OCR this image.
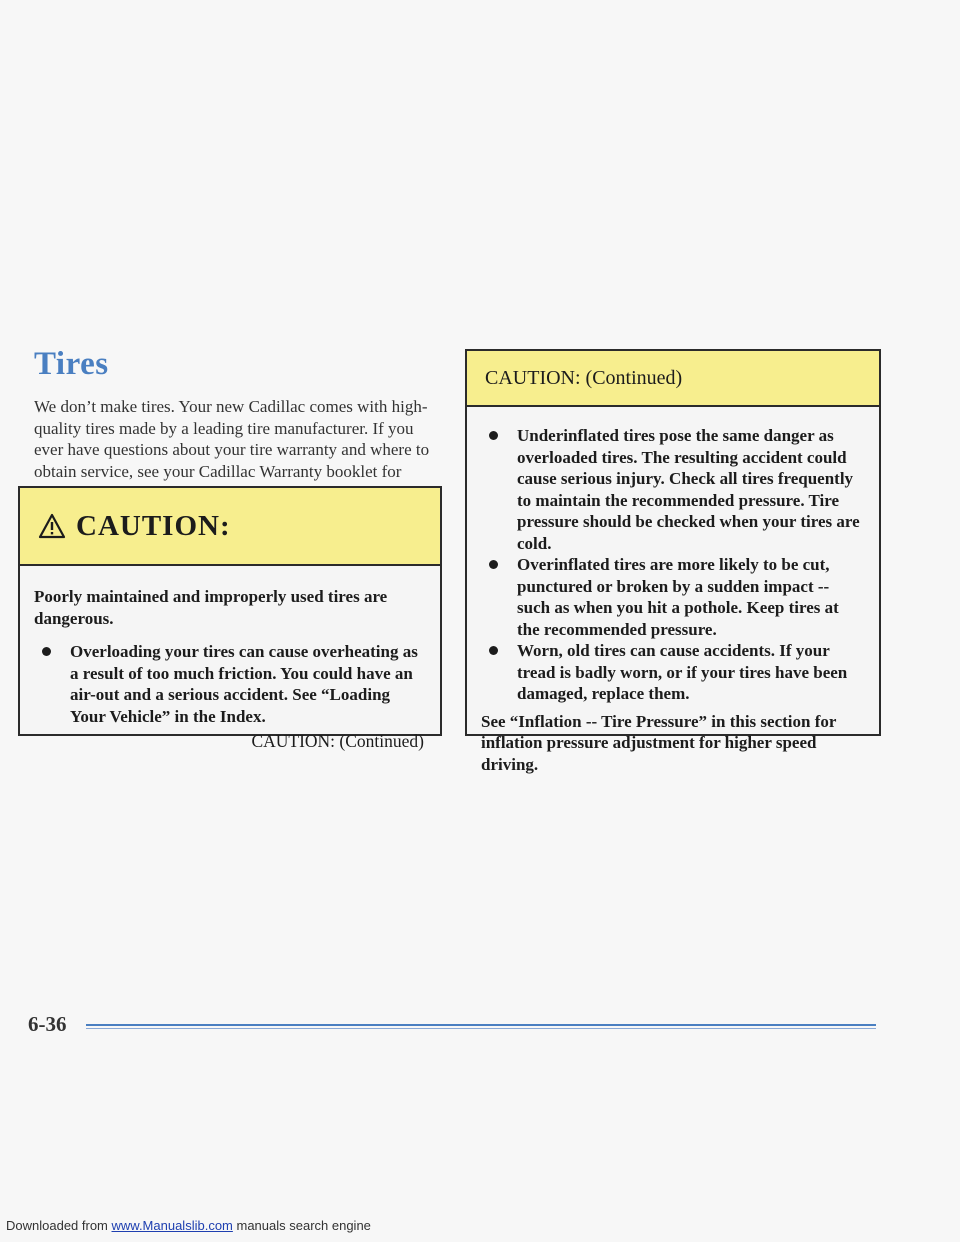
Tires

We don’t make tires. Your new Cadillac comes with high-quality tires made by a leading tire manufacturer. If you ever have questions about your tire warranty and where to obtain service, see your Cadillac Warranty booklet for

CAUTION:

Poorly maintained and improperly used tires are dangerous.

Overloading your tires can cause overheating as a result of too much friction. You could have an air-out and a serious accident. See “Loading Your Vehicle” in the Index.
CAUTION: (Continued)
CAUTION: (Continued)
Underinflated tires pose the same danger as overloaded tires. The resulting accident could cause serious injury. Check all tires frequently to maintain the recommended pressure. Tire pressure should be checked when your tires are cold.
Overinflated tires are more likely to be cut, punctured or broken by a sudden impact -- such as when you hit a pothole. Keep tires at the recommended pressure.
Worn, old tires can cause accidents. If your tread is badly worn, or if your tires have been damaged, replace them.

See “Inflation -- Tire Pressure” in this section for inflation pressure adjustment for higher speed driving.

6-36

Downloaded from www.Manualslib.com manuals search engine
